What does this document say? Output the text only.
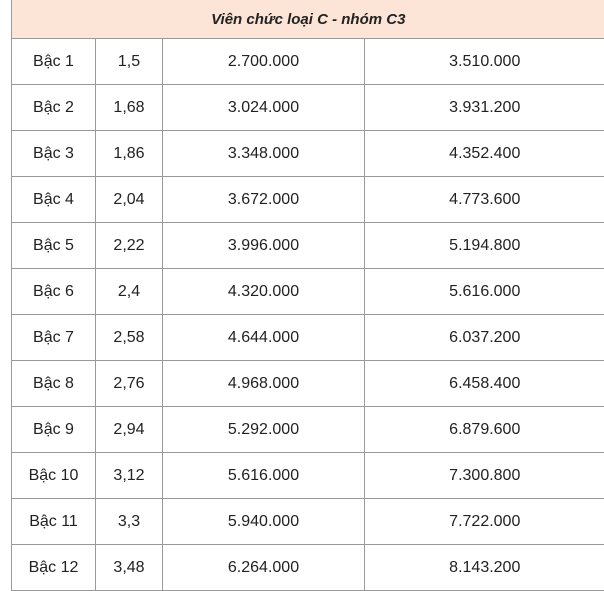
Viên chức loại C - nhóm C3			
Bậc 1	1,5	2.700.000	3.510.000
Bậc 2	1,68	3.024.000	3.931.200
Bậc 3	1,86	3.348.000	4.352.400
Bậc 4	2,04	3.672.000	4.773.600
Bậc 5	2,22	3.996.000	5.194.800
Bậc 6	2,4	4.320.000	5.616.000
Bậc 7	2,58	4.644.000	6.037.200
Bậc 8	2,76	4.968.000	6.458.400
Bậc 9	2,94	5.292.000	6.879.600
Bậc 10	3,12	5.616.000	7.300.800
Bậc 11	3,3	5.940.000	7.722.000
Bậc 12	3,48	6.264.000	8.143.200
